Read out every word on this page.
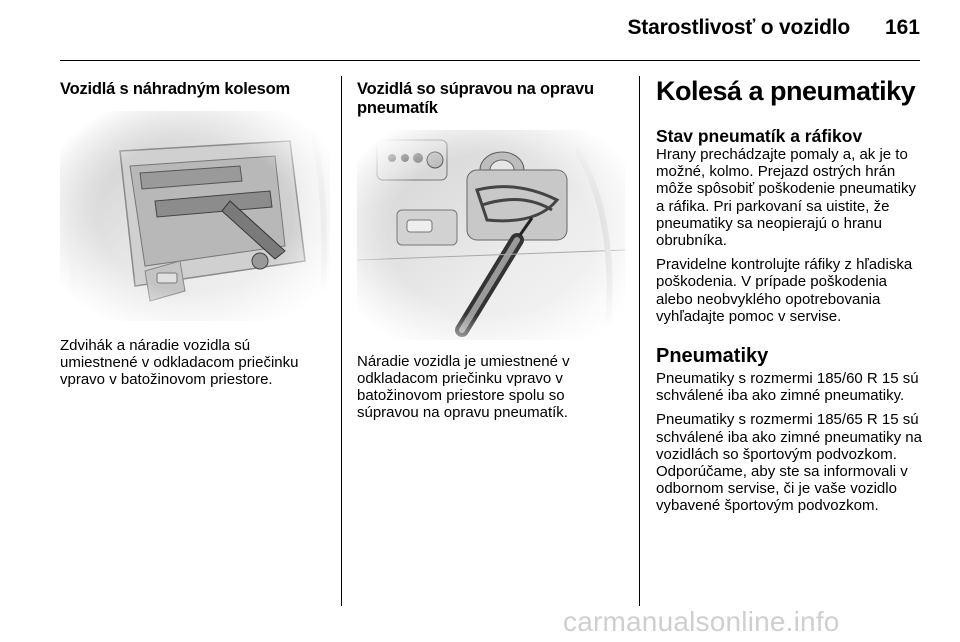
Starostlivosť o vozidlo	161
Vozidlá s náhradným kolesom
Zdvihák a náradie vozidla sú umiestnené v odkladacom priečinku vpravo v batožinovom priestore.
Vozidlá so súpravou na opravu pneumatík
Náradie vozidla je umiestnené v odkladacom priečinku vpravo v batožinovom priestore spolu so súpravou na opravu pneumatík.
Kolesá a pneumatiky
Stav pneumatík a ráfikov
Hrany prechádzajte pomaly a, ak je to možné, kolmo. Prejazd ostrých hrán môže spôsobiť poškodenie pneumatiky a ráfika. Pri parkovaní sa uistite, že pneumatiky sa neopierajú o hranu obrubníka.
Pravidelne kontrolujte ráfiky z hľadiska poškodenia. V prípade poškodenia alebo neobvyklého opotrebovania vyhľadajte pomoc v servise.
Pneumatiky
Pneumatiky s rozmermi 185/60 R 15 sú schválené iba ako zimné pneumatiky.
Pneumatiky s rozmermi 185/65 R 15 sú schválené iba ako zimné pneumatiky na vozidlách so športovým podvozkom.
Odporúčame, aby ste sa informovali v odbornom servise, či je vaše vozidlo vybavené športovým podvozkom.
carmanualsonline.info
